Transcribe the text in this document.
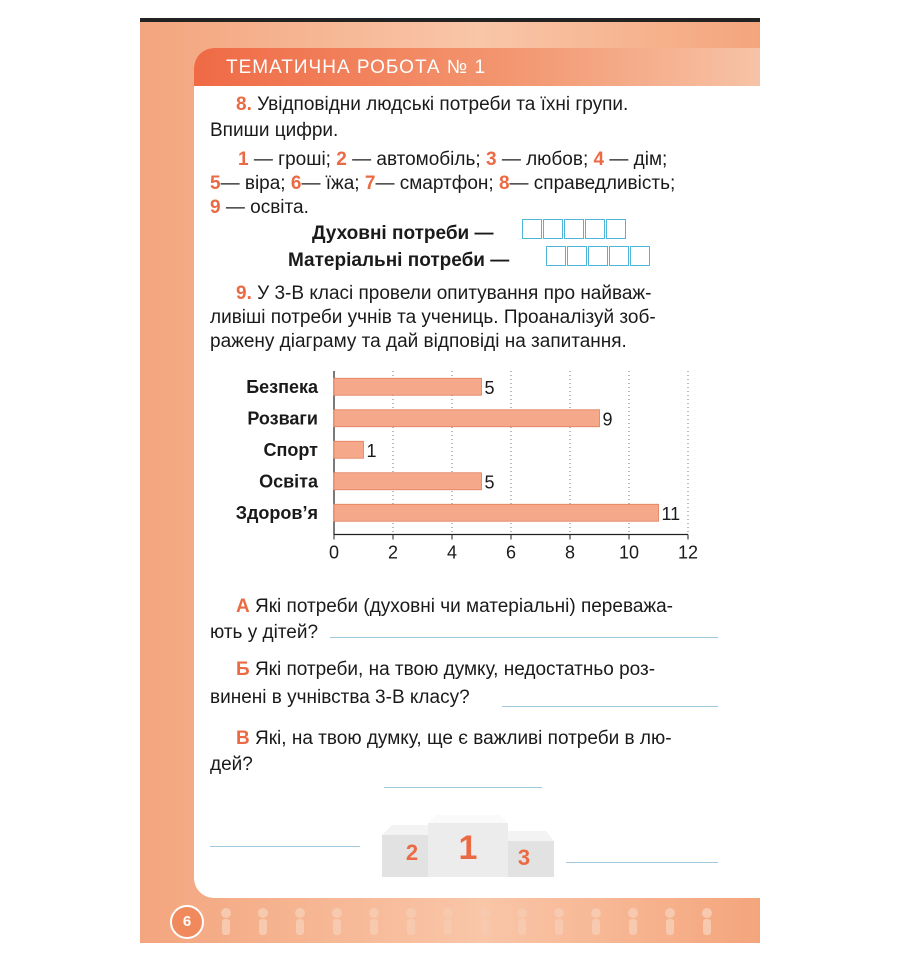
ТЕМАТИЧНА РОБОТА № 1
8. Увідповідни людські потреби та їхні групи.
Впиши цифри.
1 — гроші; 2 — автомобіль; 3 — любов; 4 — дім;
5— віра; 6— їжа; 7— смартфон; 8— справедливість;
9 — освіта.
Духовні потреби —
Матеріальні потреби —
9. У 3-В класі провели опитування про найваж-
ливіші потреби учнів та учениць. Проаналізуй зоб-
ражену діаграму та дай відповіді на запитання.
0	2	4	6	8 10 12
Безпека	5
Розваги	9
Спорт	1
Освіта	5
Здоров’я	11
А Які потреби (духовні чи матеріальні) переважа-
ють у дітей?
Б Які потреби, на твою думку, недостатньо роз-
винені в учнівства 3-В класу?
В Які, на твою думку, ще є важливі потреби в лю-
дей?
2 1 3
6
